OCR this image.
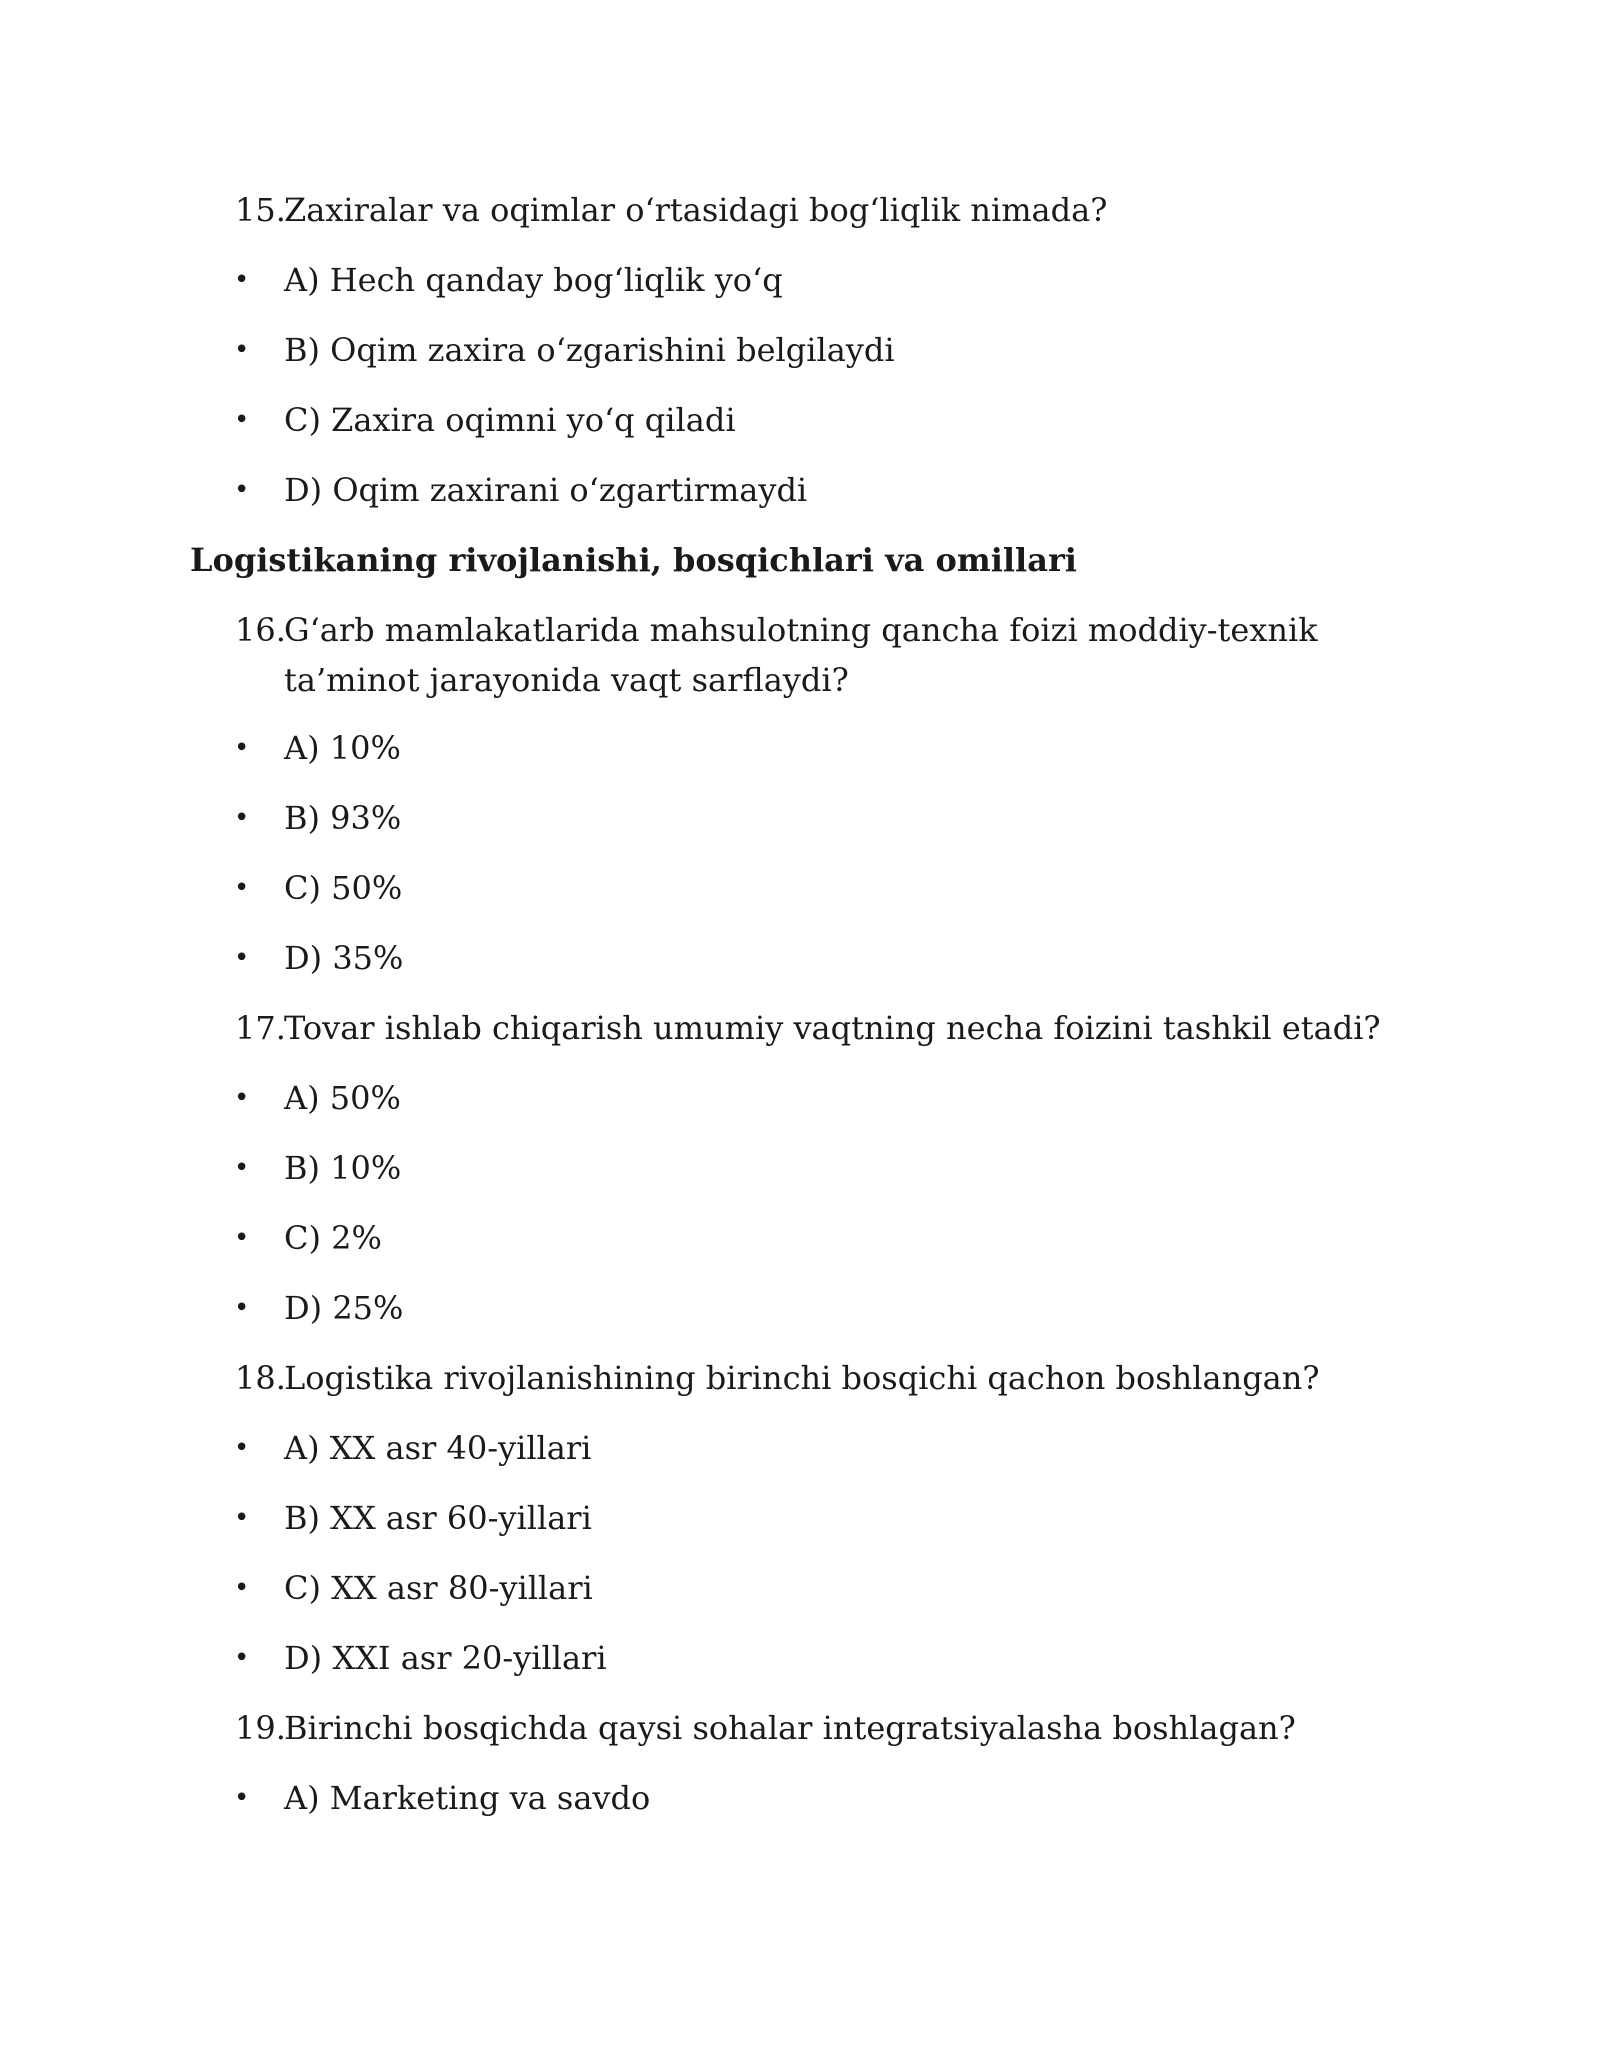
15.
Zaxiralar va oqimlar o‘rtasidagi bog‘liqlik nimada?
• A) Hech qanday bog‘liqlik yo‘q
• B) Oqim zaxira o‘zgarishini belgilaydi
• C) Zaxira oqimni yo‘q qiladi
• D) Oqim zaxirani o‘zgartirmaydi
Logistikaning rivojlanishi, bosqichlari va omillari
16.
G‘arb mamlakatlarida mahsulotning qancha foizi moddiy-texnik ta’minot jarayonida vaqt sarflaydi?
• A) 10%
• B) 93%
• C) 50%
• D) 35%
17.
Tovar ishlab chiqarish umumiy vaqtning necha foizini tashkil etadi?
• A) 50%
• B) 10%
• C) 2%
• D) 25%
18.
Logistika rivojlanishining birinchi bosqichi qachon boshlangan?
• A) XX asr 40-yillari
• B) XX asr 60-yillari
• C) XX asr 80-yillari
• D) XXI asr 20-yillari
19.
Birinchi bosqichda qaysi sohalar integratsiyalasha boshlagan?
• A) Marketing va savdo
